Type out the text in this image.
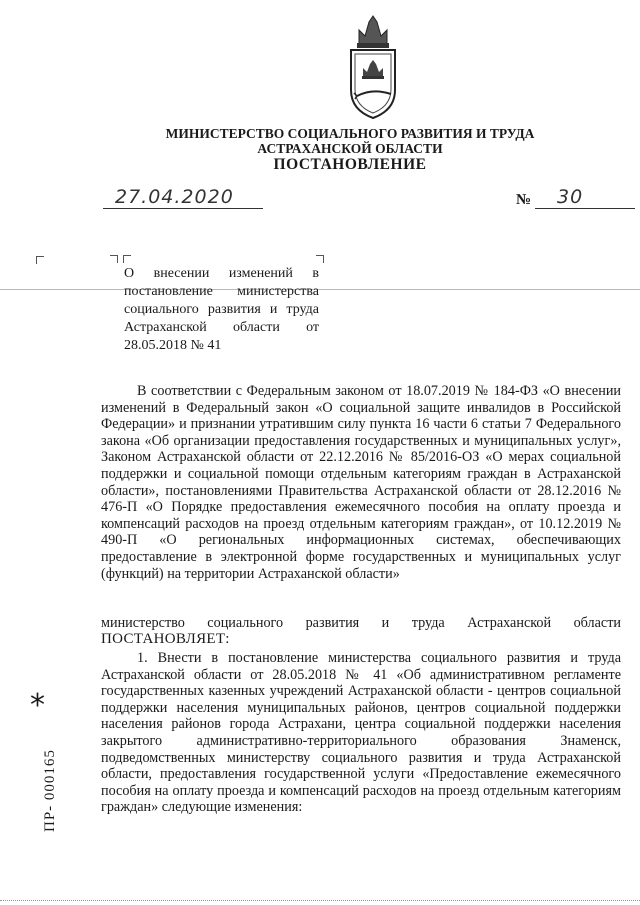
МИНИСТЕРСТВО СОЦИАЛЬНОГО РАЗВИТИЯ И ТРУДА
АСТРАХАНСКОЙ ОБЛАСТИ
ПОСТАНОВЛЕНИЕ
27.04.2020	№	30
О внесении изменений в постановление министерства социального развития и труда Астраханской области от 28.05.2018 № 41
В соответствии с Федеральным законом от 18.07.2019 № 184-ФЗ «О внесении изменений в Федеральный закон «О социальной защите инвалидов в Российской Федерации» и признании утратившим силу пункта 16 части 6 статьи 7 Федерального закона «Об организации предоставления государственных и муниципальных услуг», Законом Астраханской области от 22.12.2016 № 85/2016-ОЗ «О мерах социальной поддержки и социальной помощи отдельным категориям граждан в Астраханской области», постановлениями Правительства Астраханской области от 28.12.2016 № 476-П «О Порядке предоставления ежемесячного пособия на оплату проезда и компенсаций расходов на проезд отдельным категориям граждан», от 10.12.2019 № 490-П «О региональных информационных системах, обеспечивающих предоставление в электронной форме государственных и муниципальных услуг (функций) на территории Астраханской области»
министерство социального развития и труда Астраханской области
ПОСТАНОВЛЯЕТ:
1. Внести в постановление министерства социального развития и труда Астраханской области от 28.05.2018 № 41 «Об административном регламенте государственных казенных учреждений Астраханской области - центров социальной поддержки населения муниципальных районов, центров социальной поддержки населения районов города Астрахани, центра социальной поддержки населения закрытого административно-территориального образования Знаменск, подведомственных министерству социального развития и труда Астраханской области, предоставления государственной услуги «Предоставление ежемесячного пособия на оплату проезда и компенсаций расходов на проезд отдельным категориям граждан» следующие изменения:
*
ПР- 000165
